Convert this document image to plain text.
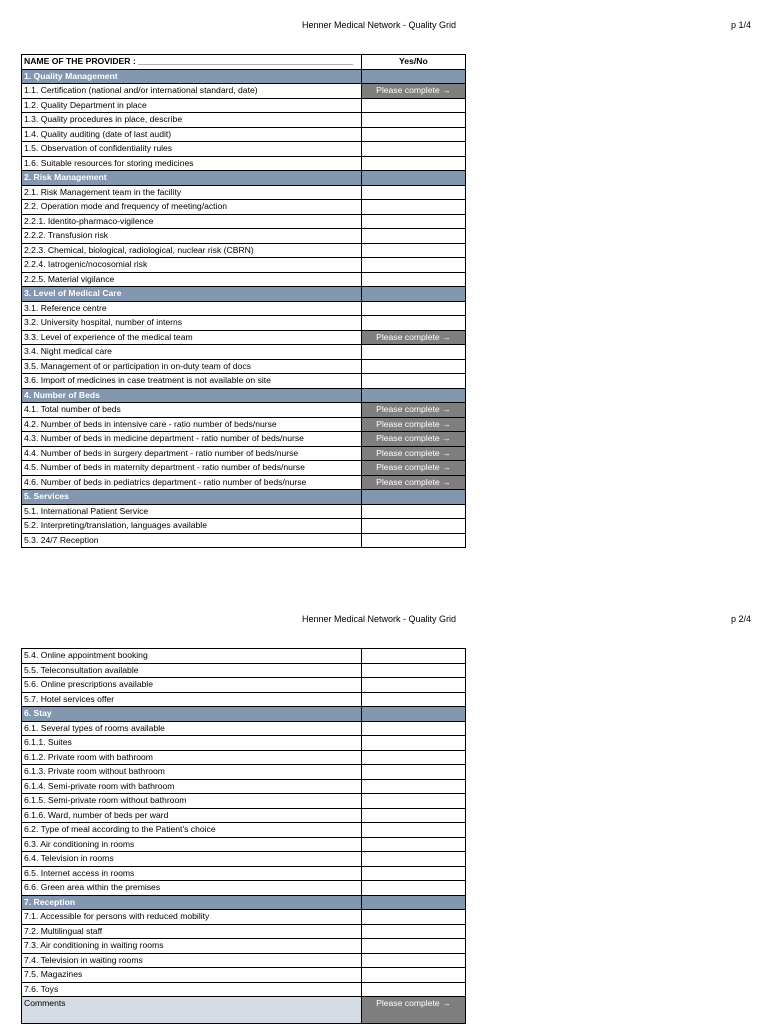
Henner Medical Network - Quality Grid	p 1/4
NAME OF THE PROVIDER : _____________________________________________	Yes/No
1. Quality Management	
1.1. Certification (national and/or international standard, date)	Please complete →
1.2. Quality Department in place	
1.3. Quality procedures in place, describe	
1.4. Quality auditing (date of last audit)	
1.5. Observation of confidentiality rules	
1.6. Suitable resources for storing medicines	
2. Risk Management	
2.1. Risk Management team in the facility	
2.2. Operation mode and frequency of meeting/action	
2.2.1. Identito-pharmaco-vigilence	
2.2.2. Transfusion risk	
2.2.3. Chemical, biological, radiological, nuclear risk (CBRN)	
2.2.4. Iatrogenic/nocosomial risk	
2.2.5. Material vigilance	
3. Level of Medical Care	
3.1. Reference centre	
3.2. University hospital, number of interns	
3.3. Level of experience of the medical team	Please complete →
3.4. Night medical care	
3.5. Management of or participation in on-duty team of docs	
3.6. Import of medicines in case treatment is not available on site	
4. Number of Beds	
4.1. Total number of beds	Please complete →
4.2. Number of beds in intensive care - ratio number of beds/nurse	Please complete →
4.3. Number of beds in medicine department - ratio number of beds/nurse	Please complete →
4.4. Number of beds in surgery department - ratio number of beds/nurse	Please complete →
4.5. Number of beds in maternity department - ratio number of beds/nurse	Please complete →
4.6. Number of beds in pediatrics department - ratio number of beds/nurse	Please complete →
5. Services	
5.1. International Patient Service	
5.2. Interpreting/translation, languages available	
5.3. 24/7 Reception	
Henner Medical Network - Quality Grid	p 2/4
5.4. Online appointment booking	
5.5. Teleconsultation available	
5.6. Online prescriptions available	
5.7. Hotel services offer	
6. Stay	
6.1. Several types of rooms available	
6.1.1. Suites	
6.1.2. Private room with bathroom	
6.1.3. Private room without bathroom	
6.1.4. Semi-private room with bathroom	
6.1.5. Semi-private room without bathroom	
6.1.6. Ward, number of beds per ward	
6.2. Type of meal according to the Patient's choice	
6.3. Air conditioning in rooms	
6.4. Television in rooms	
6.5. Internet access in rooms	
6.6. Green area within the premises	
7. Reception	
7.1. Accessible for persons with reduced mobility	
7.2. Multilingual staff	
7.3. Air conditioning in waiting rooms	
7.4. Television in waiting rooms	
7.5. Magazines	
7.6. Toys	
Comments	Please complete →
